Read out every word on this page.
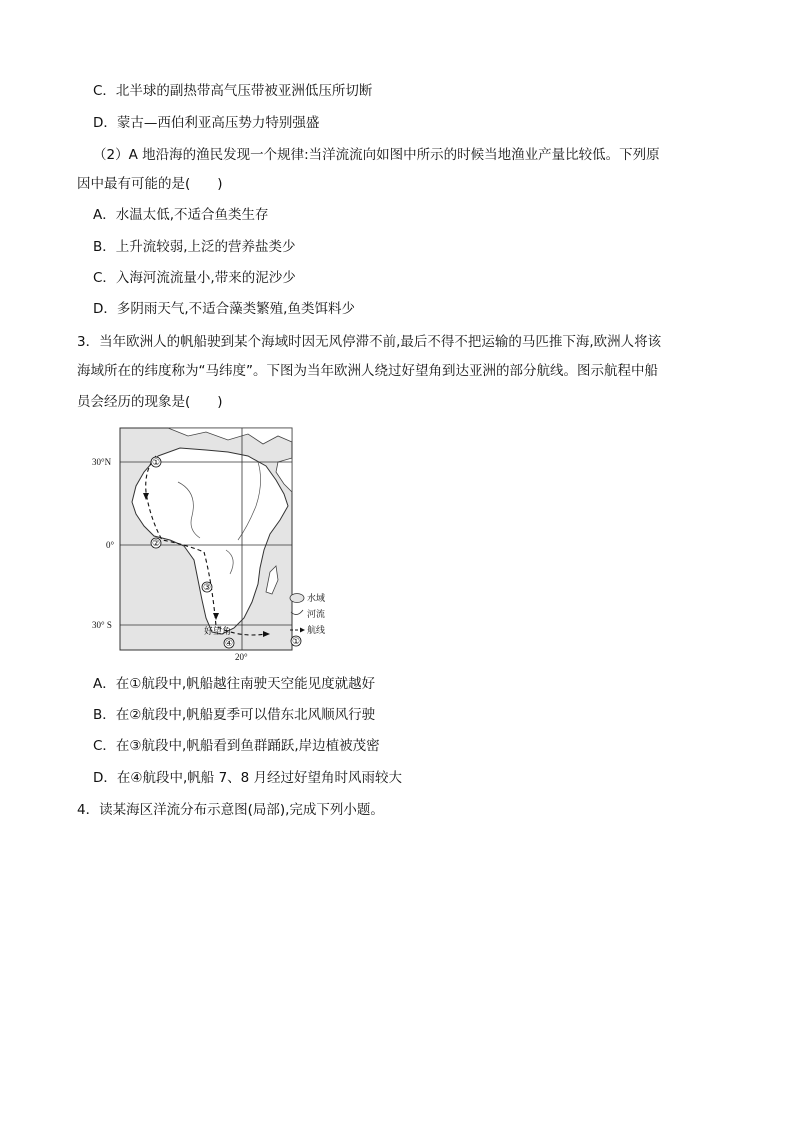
C．北半球的副热带高气压带被亚洲低压所切断
D．蒙古—西伯利亚高压势力特别强盛
（2）A 地沿海的渔民发现一个规律:当洋流流向如图中所示的时候当地渔业产量比较低。下列原
因中最有可能的是(　　)
A．水温太低,不适合鱼类生存
B．上升流较弱,上泛的营养盐类少
C．入海河流流量小,带来的泥沙少
D．多阴雨天气,不适合藻类繁殖,鱼类饵料少
3．当年欧洲人的帆船驶到某个海域时因无风停滞不前,最后不得不把运输的马匹推下海,欧洲人将该
海域所在的纬度称为“马纬度”。下图为当年欧洲人绕过好望角到达亚洲的部分航线。图示航程中船
员会经历的现象是(　　)
①
②
③
④
好望角
30°N
0°
30° S
20°
水域
河流
航线
①
A．在①航段中,帆船越往南驶天空能见度就越好
B．在②航段中,帆船夏季可以借东北风顺风行驶
C．在③航段中,帆船看到鱼群踊跃,岸边植被茂密
D．在④航段中,帆船 7、8 月经过好望角时风雨较大
4．读某海区洋流分布示意图(局部),完成下列小题。
